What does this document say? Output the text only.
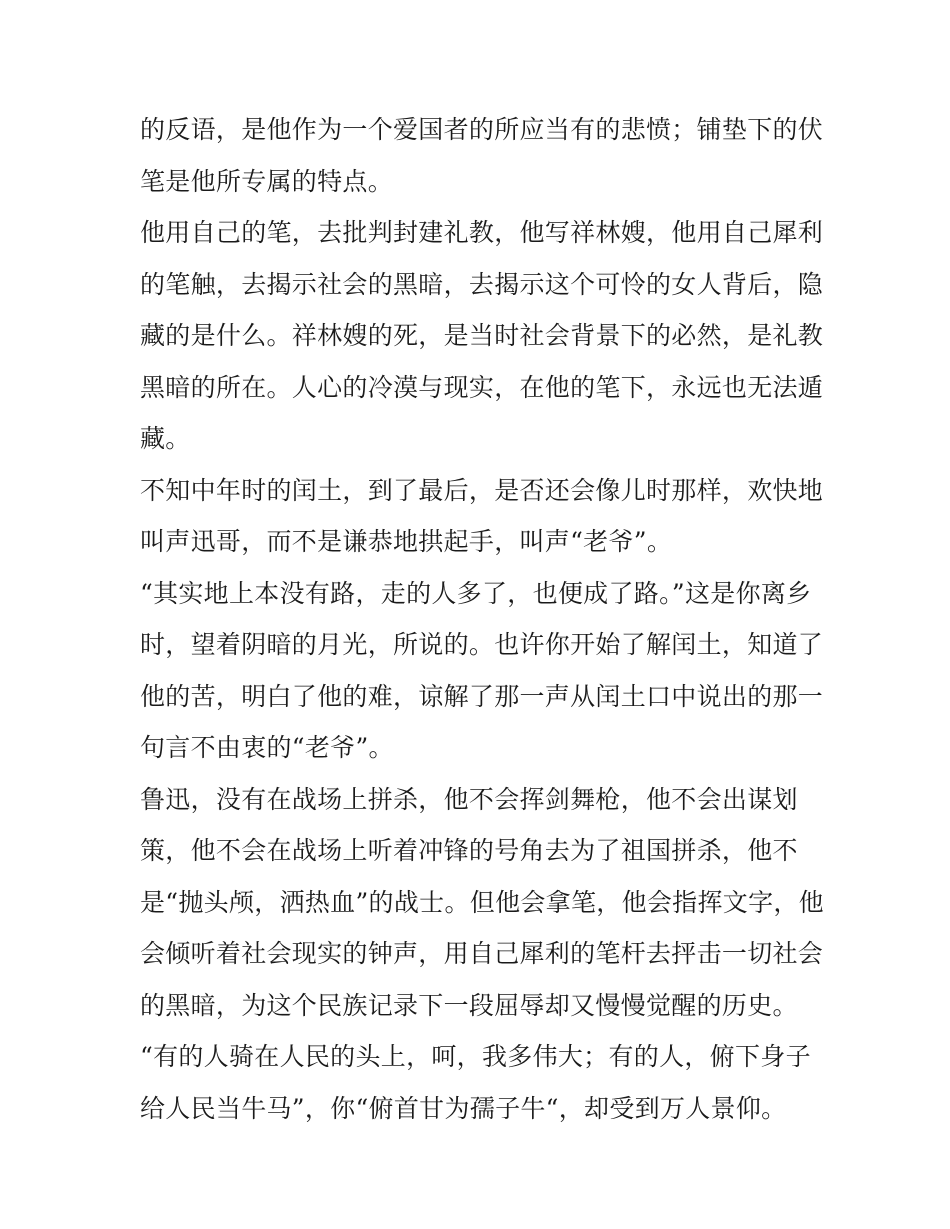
的反语，是他作为一个爱国者的所应当有的悲愤；铺垫下的伏
笔是他所专属的特点。
他用自己的笔，去批判封建礼教，他写祥林嫂，他用自己犀利
的笔触，去揭示社会的黑暗，去揭示这个可怜的女人背后，隐
藏的是什么。祥林嫂的死，是当时社会背景下的必然，是礼教
黑暗的所在。人心的冷漠与现实，在他的笔下，永远也无法遁
藏。
不知中年时的闰土，到了最后，是否还会像儿时那样，欢快地
叫声迅哥，而不是谦恭地拱起手，叫声“老爷”。
“其实地上本没有路，走的人多了，也便成了路。”这是你离乡
时，望着阴暗的月光，所说的。也许你开始了解闰土，知道了
他的苦，明白了他的难，谅解了那一声从闰土口中说出的那一
句言不由衷的“老爷”。
鲁迅，没有在战场上拼杀，他不会挥剑舞枪，他不会出谋划
策，他不会在战场上听着冲锋的号角去为了祖国拼杀，他不
是“抛头颅，洒热血”的战士。但他会拿笔，他会指挥文字，他
会倾听着社会现实的钟声，用自己犀利的笔杆去抨击一切社会
的黑暗，为这个民族记录下一段屈辱却又慢慢觉醒的历史。
“有的人骑在人民的头上，呵，我多伟大；有的人，俯下身子
给人民当牛马”，你“俯首甘为孺子牛“，却受到万人景仰。
